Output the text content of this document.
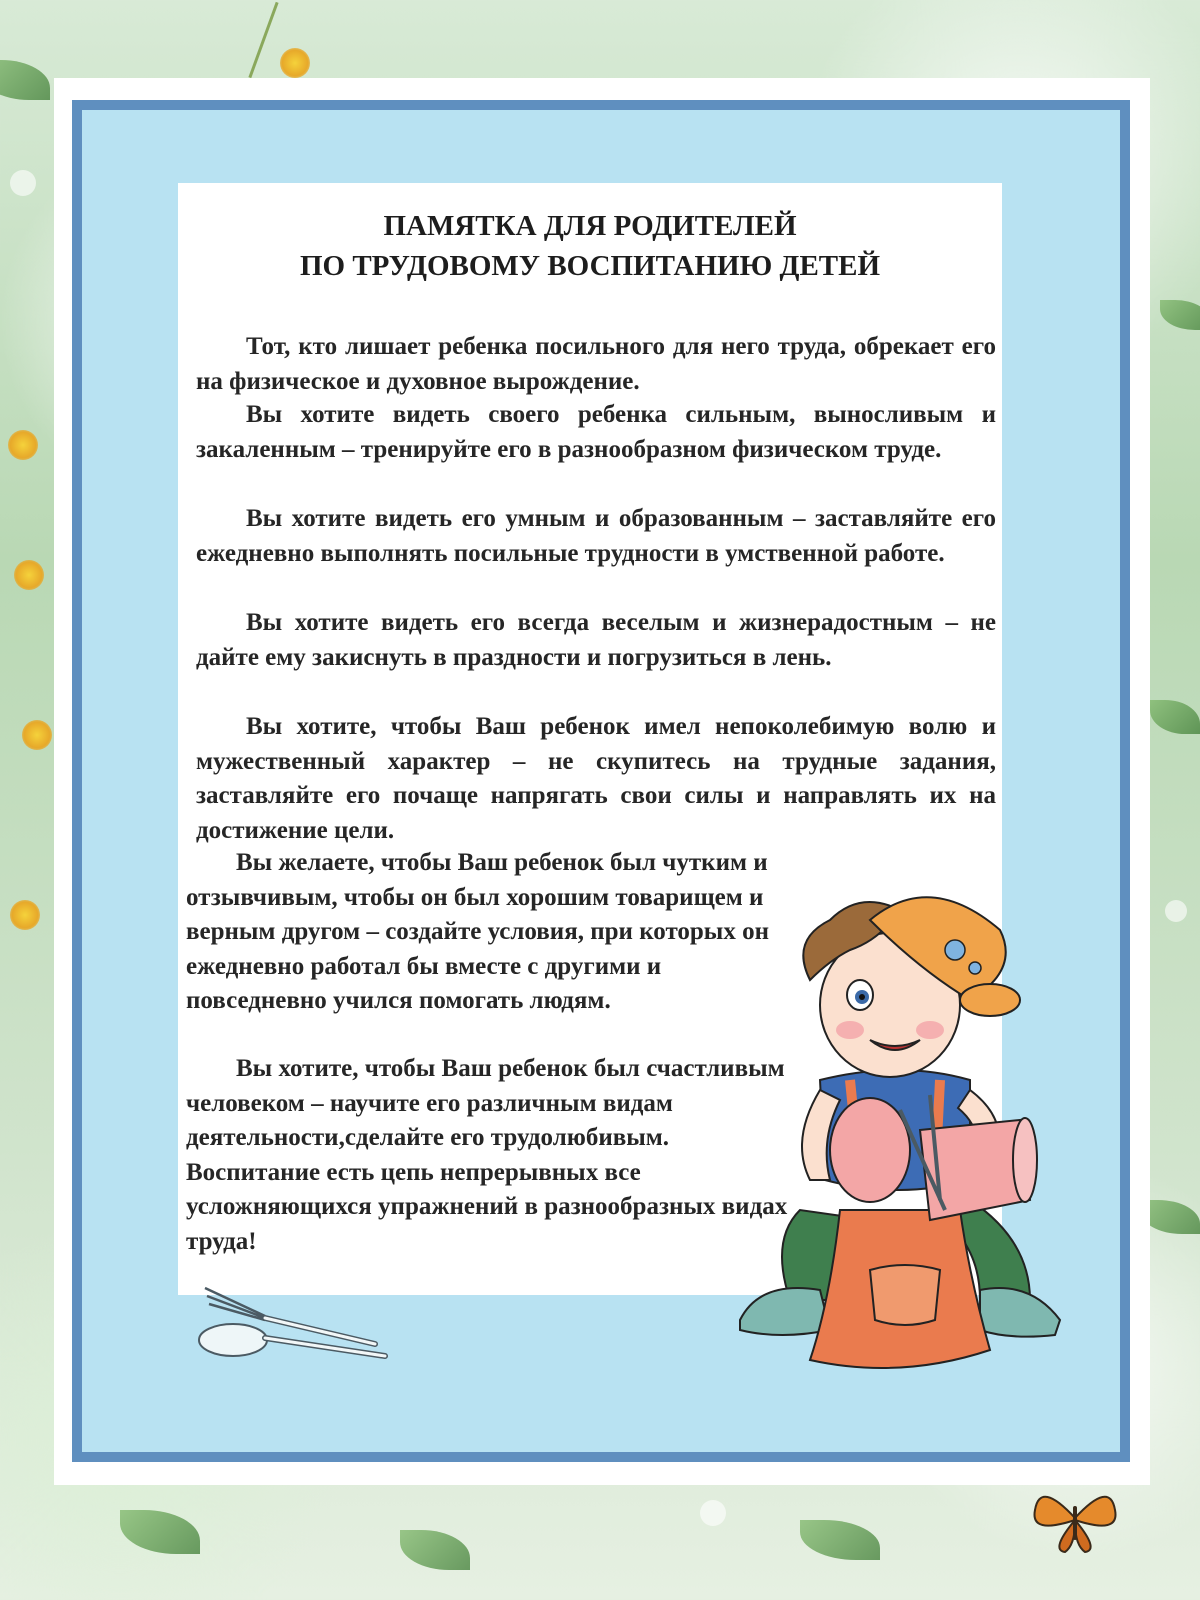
ПАМЯТКА ДЛЯ РОДИТЕЛЕЙ
ПО ТРУДОВОМУ ВОСПИТАНИЮ ДЕТЕЙ

Тот, кто лишает ребенка посильного для него труда, обрекает его на физическое и духовное вырождение.

Вы хотите видеть своего ребенка сильным, выносливым и закаленным – тренируйте его в разнообразном физическом труде.

Вы хотите видеть его умным и образованным – заставляйте его ежедневно выполнять посильные трудности в умственной работе.

Вы хотите видеть его всегда веселым и жизнерадостным – не дайте ему закиснуть в праздности и погрузиться в лень.

Вы хотите, чтобы Ваш ребенок имел непоколебимую волю и мужественный характер – не скупитесь на трудные задания, заставляйте его почаще напрягать свои силы и направлять их на достижение цели.

Вы желаете, чтобы Ваш ребенок был чутким и отзывчивым, чтобы он был хорошим товарищем и верным другом – создайте условия, при которых он ежедневно работал бы вместе с другими и повседневно учился помогать людям.

Вы хотите, чтобы Ваш ребенок был счастливым человеком – научите его различным видам деятельности,сделайте его трудолюбивым. Воспитание есть цепь непрерывных все усложняющихся упражнений в разнообразных видах труда!
